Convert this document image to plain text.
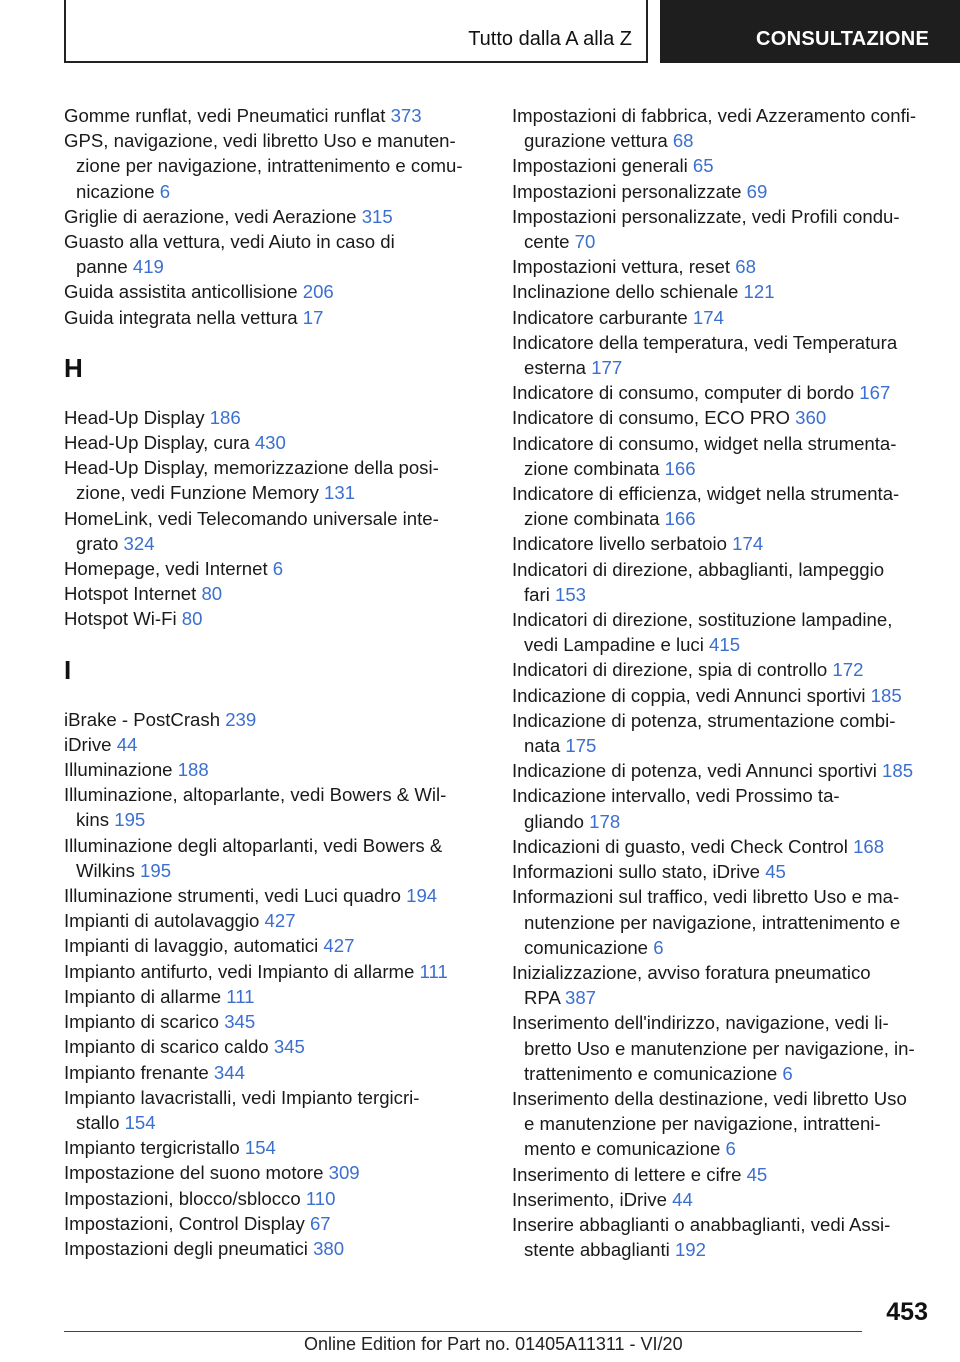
Tutto dalla A alla Z	CONSULTAZIONE
Gomme runflat, vedi Pneumatici runflat 373
GPS, navigazione, vedi libretto Uso e manuten-
zione per navigazione, intrattenimento e comu-
nicazione 6
Griglie di aerazione, vedi Aerazione 315
Guasto alla vettura, vedi Aiuto in caso di
panne 419
Guida assistita anticollisione 206
Guida integrata nella vettura 17
H
Head-Up Display 186
Head-Up Display, cura 430
Head-Up Display, memorizzazione della posi-
zione, vedi Funzione Memory 131
HomeLink, vedi Telecomando universale inte-
grato 324
Homepage, vedi Internet 6
Hotspot Internet 80
Hotspot Wi-Fi 80
I
iBrake - PostCrash 239
iDrive 44
Illuminazione 188
Illuminazione, altoparlante, vedi Bowers & Wil-
kins 195
Illuminazione degli altoparlanti, vedi Bowers &
Wilkins 195
Illuminazione strumenti, vedi Luci quadro 194
Impianti di autolavaggio 427
Impianti di lavaggio, automatici 427
Impianto antifurto, vedi Impianto di allarme 111
Impianto di allarme 111
Impianto di scarico 345
Impianto di scarico caldo 345
Impianto frenante 344
Impianto lavacristalli, vedi Impianto tergicri-
stallo 154
Impianto tergicristallo 154
Impostazione del suono motore 309
Impostazioni, blocco/sblocco 110
Impostazioni, Control Display 67
Impostazioni degli pneumatici 380
Impostazioni di fabbrica, vedi Azzeramento confi-
gurazione vettura 68
Impostazioni generali 65
Impostazioni personalizzate 69
Impostazioni personalizzate, vedi Profili condu-
cente 70
Impostazioni vettura, reset 68
Inclinazione dello schienale 121
Indicatore carburante 174
Indicatore della temperatura, vedi Temperatura
esterna 177
Indicatore di consumo, computer di bordo 167
Indicatore di consumo, ECO PRO 360
Indicatore di consumo, widget nella strumenta-
zione combinata 166
Indicatore di efficienza, widget nella strumenta-
zione combinata 166
Indicatore livello serbatoio 174
Indicatori di direzione, abbaglianti, lampeggio
fari 153
Indicatori di direzione, sostituzione lampadine,
vedi Lampadine e luci 415
Indicatori di direzione, spia di controllo 172
Indicazione di coppia, vedi Annunci sportivi 185
Indicazione di potenza, strumentazione combi-
nata 175
Indicazione di potenza, vedi Annunci sportivi 185
Indicazione intervallo, vedi Prossimo ta-
gliando 178
Indicazioni di guasto, vedi Check Control 168
Informazioni sullo stato, iDrive 45
Informazioni sul traffico, vedi libretto Uso e ma-
nutenzione per navigazione, intrattenimento e
comunicazione 6
Inizializzazione, avviso foratura pneumatico
RPA 387
Inserimento dell'indirizzo, navigazione, vedi li-
bretto Uso e manutenzione per navigazione, in-
trattenimento e comunicazione 6
Inserimento della destinazione, vedi libretto Uso
e manutenzione per navigazione, intratteni-
mento e comunicazione 6
Inserimento di lettere e cifre 45
Inserimento, iDrive 44
Inserire abbaglianti o anabbaglianti, vedi Assi-
stente abbaglianti 192
453
Online Edition for Part no. 01405A11311 - VI/20
